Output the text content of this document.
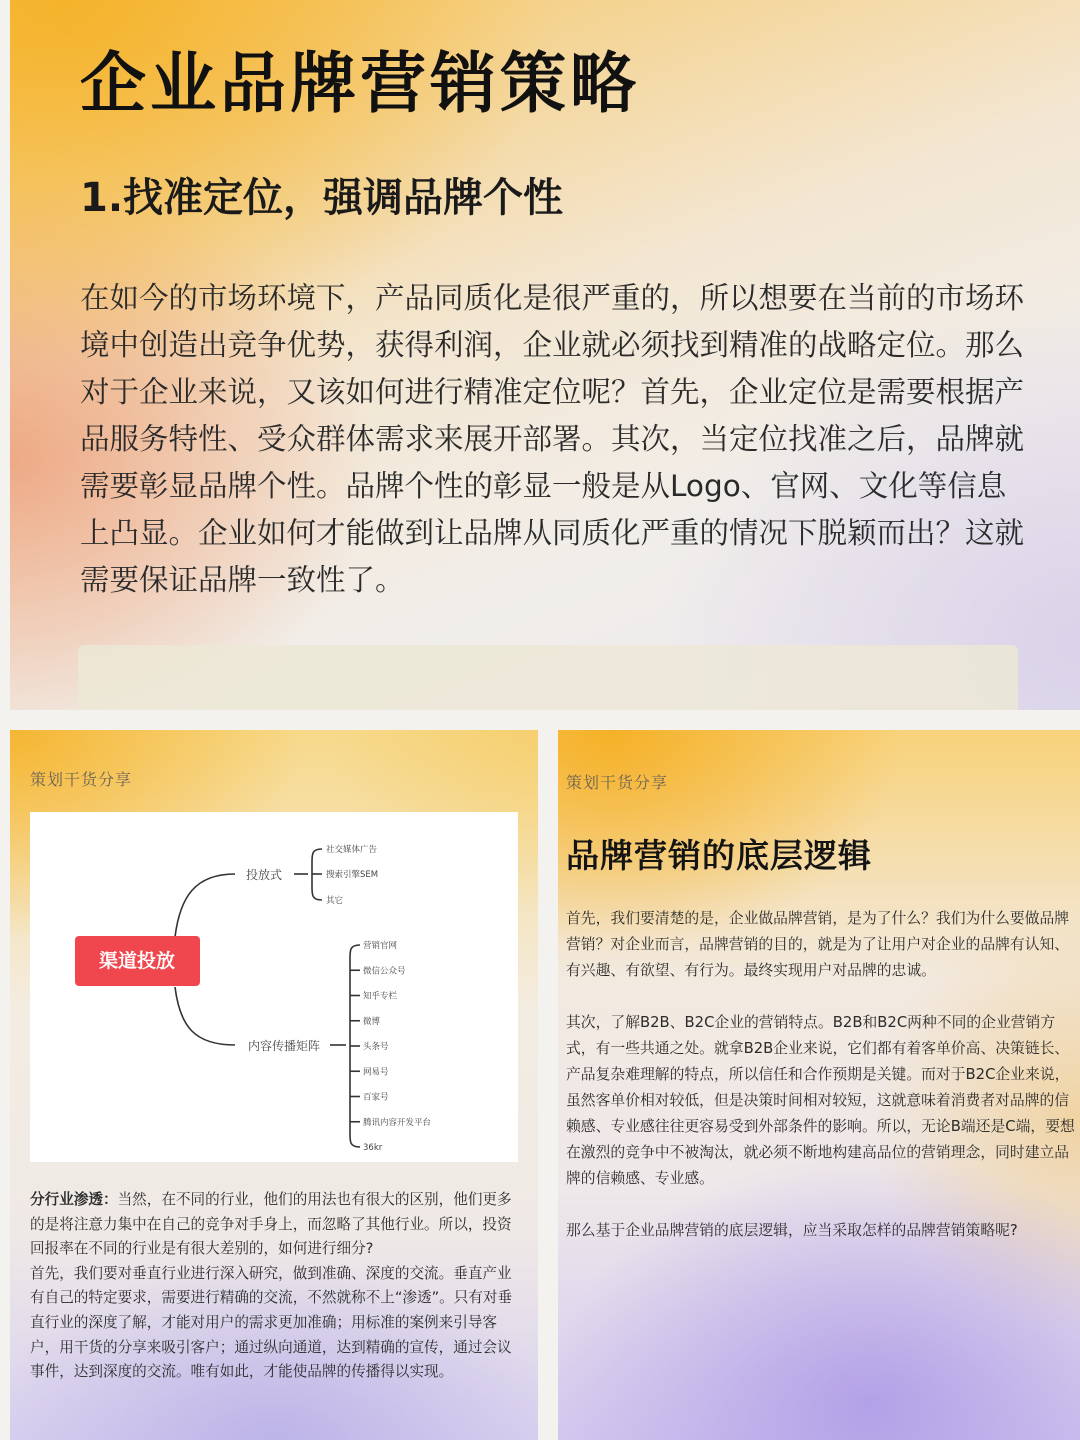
企业品牌营销策略
1.找准定位，强调品牌个性

在如今的市场环境下，产品同质化是很严重的，所以想要在当前的市场环境中创造出竞争优势，获得利润，企业就必须找到精准的战略定位。那么对于企业来说，又该如何进行精准定位呢？首先，企业定位是需要根据产品服务特性、受众群体需求来展开部署。其次，当定位找准之后，品牌就需要彰显品牌个性。品牌个性的彰显一般是从Logo、官网、文化等信息上凸显。企业如何才能做到让品牌从同质化严重的情况下脱颖而出？这就需要保证品牌一致性了。

策划干货分享
渠道投放
投放式
内容传播矩阵
社交媒体广告
搜索引擎SEM
其它
营销官网
微信公众号
知乎专栏
微博
头条号
网易号
百家号
腾讯内容开发平台
36kr

分行业渗透：当然，在不同的行业，他们的用法也有很大的区别，他们更多的是将注意力集中在自己的竞争对手身上，而忽略了其他行业。所以，投资回报率在不同的行业是有很大差别的，如何进行细分?

首先，我们要对垂直行业进行深入研究，做到准确、深度的交流。垂直产业有自己的特定要求，需要进行精确的交流，不然就称不上“渗透”。只有对垂直行业的深度了解，才能对用户的需求更加准确；用标准的案例来引导客户，用干货的分享来吸引客户；通过纵向通道，达到精确的宣传，通过会议事件，达到深度的交流。唯有如此，才能使品牌的传播得以实现。

策划干货分享
品牌营销的底层逻辑

首先，我们要清楚的是，企业做品牌营销，是为了什么？我们为什么要做品牌营销？对企业而言，品牌营销的目的，就是为了让用户对企业的品牌有认知、有兴趣、有欲望、有行为。最终实现用户对品牌的忠诚。

其次，了解B2B、B2C企业的营销特点。B2B和B2C两种不同的企业营销方式，有一些共通之处。就拿B2B企业来说，它们都有着客单价高、决策链长、产品复杂难理解的特点，所以信任和合作预期是关键。而对于B2C企业来说，虽然客单价相对较低，但是决策时间相对较短，这就意味着消费者对品牌的信赖感、专业感往往更容易受到外部条件的影响。所以，无论B端还是C端，要想在激烈的竞争中不被淘汰，就必须不断地构建高品位的营销理念，同时建立品牌的信赖感、专业感。

那么基于企业品牌营销的底层逻辑，应当采取怎样的品牌营销策略呢?
